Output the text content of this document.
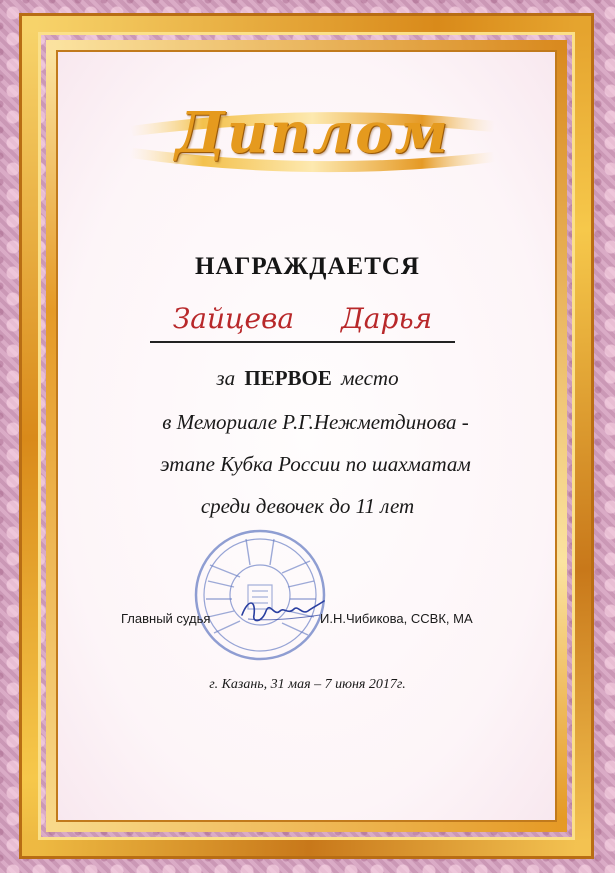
Диплом
НАГРАЖДАЕТСЯ
Зайцева Дарья
за ПЕРВОЕ место
в Мемориале Р.Г.Нежметдинова -
этапе Кубка России по шахматам
среди девочек до 11 лет
Главный судья	И.Н.Чибикова, ССВК, МА
г. Казань, 31 мая – 7 июня 2017г.
